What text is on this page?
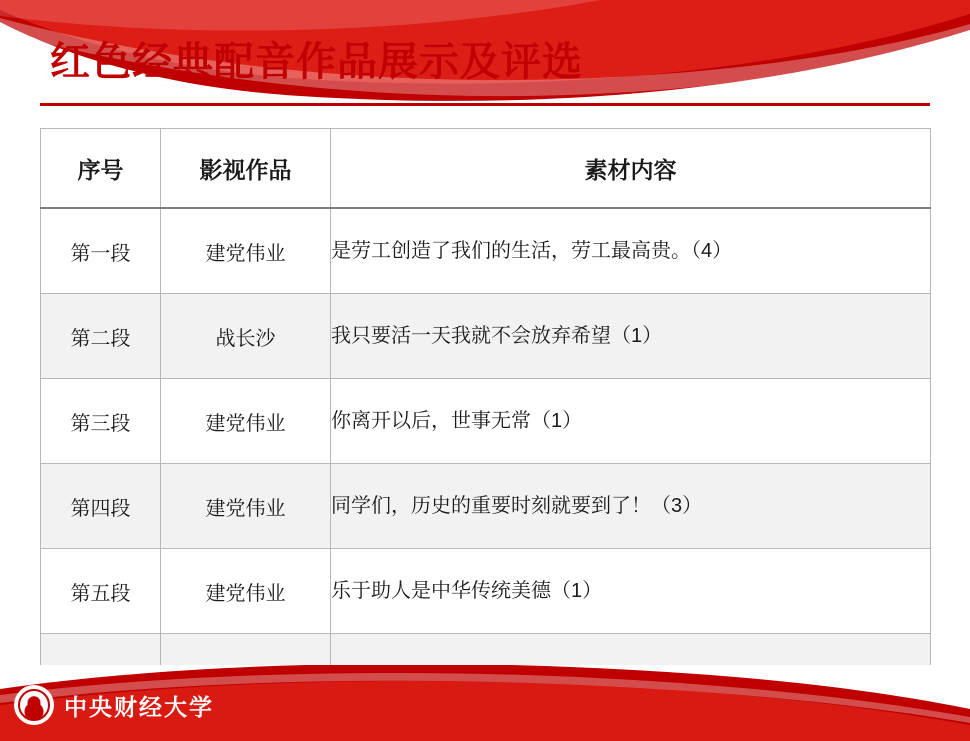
红色经典配音作品展示及评选
序号	影视作品	素材内容
第一段	建党伟业	是劳工创造了我们的生活，劳工最高贵。（4）
第二段	战长沙	我只要活一天我就不会放弃希望（1）
第三段	建党伟业	你离开以后，世事无常（1）
第四段	建党伟业	同学们，历史的重要时刻就要到了！（3）
第五段	建党伟业	乐于助人是中华传统美德（1）

中央财经大学
